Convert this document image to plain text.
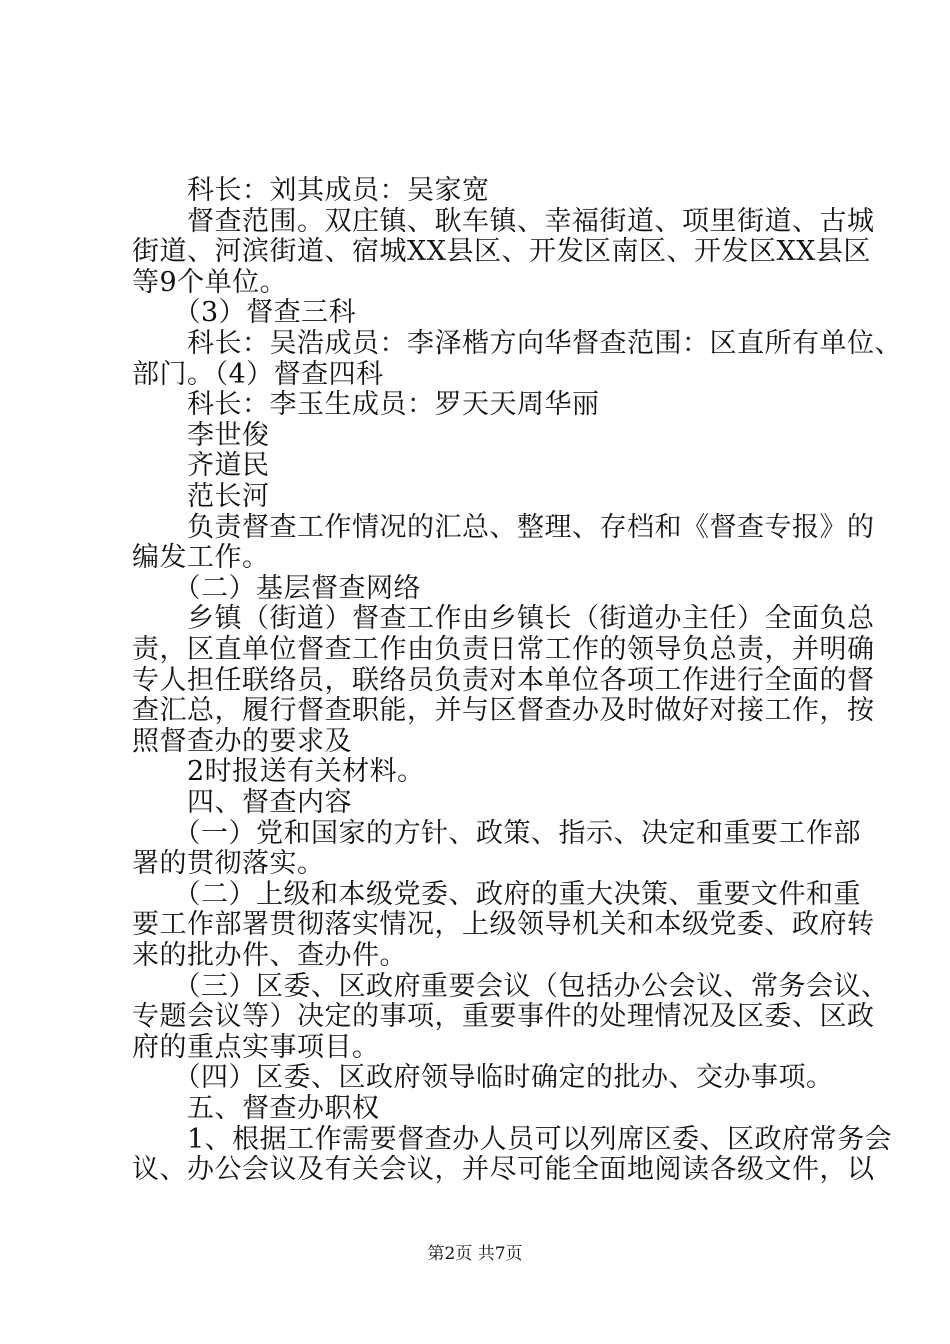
　　科长：刘其成员：吴家宽
　　督查范围。双庄镇、耿车镇、幸福街道、项里街道、古城
街道、河滨街道、宿城XX县区、开发区南区、开发区XX县区
等9个单位。
　　（3）督查三科
　　科长：吴浩成员：李泽楷方向华督查范围：区直所有单位、
部门。（4）督查四科
　　科长：李玉生成员：罗天天周华丽
　　李世俊
　　齐道民
　　范长河
　　负责督查工作情况的汇总、整理、存档和《督查专报》的
编发工作。
　　（二）基层督查网络
　　乡镇（街道）督查工作由乡镇长（街道办主任）全面负总
责，区直单位督查工作由负责日常工作的领导负总责，并明确
专人担任联络员，联络员负责对本单位各项工作进行全面的督
查汇总，履行督查职能，并与区督查办及时做好对接工作，按
照督查办的要求及
　　2时报送有关材料。
　　四、督查内容
　　（一）党和国家的方针、政策、指示、决定和重要工作部
署的贯彻落实。
　　（二）上级和本级党委、政府的重大决策、重要文件和重
要工作部署贯彻落实情况，上级领导机关和本级党委、政府转
来的批办件、查办件。
　　（三）区委、区政府重要会议（包括办公会议、常务会议、
专题会议等）决定的事项，重要事件的处理情况及区委、区政
府的重点实事项目。
　　（四）区委、区政府领导临时确定的批办、交办事项。
　　五、督查办职权
　　1、根据工作需要督查办人员可以列席区委、区政府常务会
议、办公会议及有关会议，并尽可能全面地阅读各级文件，以
第2页 共7页
